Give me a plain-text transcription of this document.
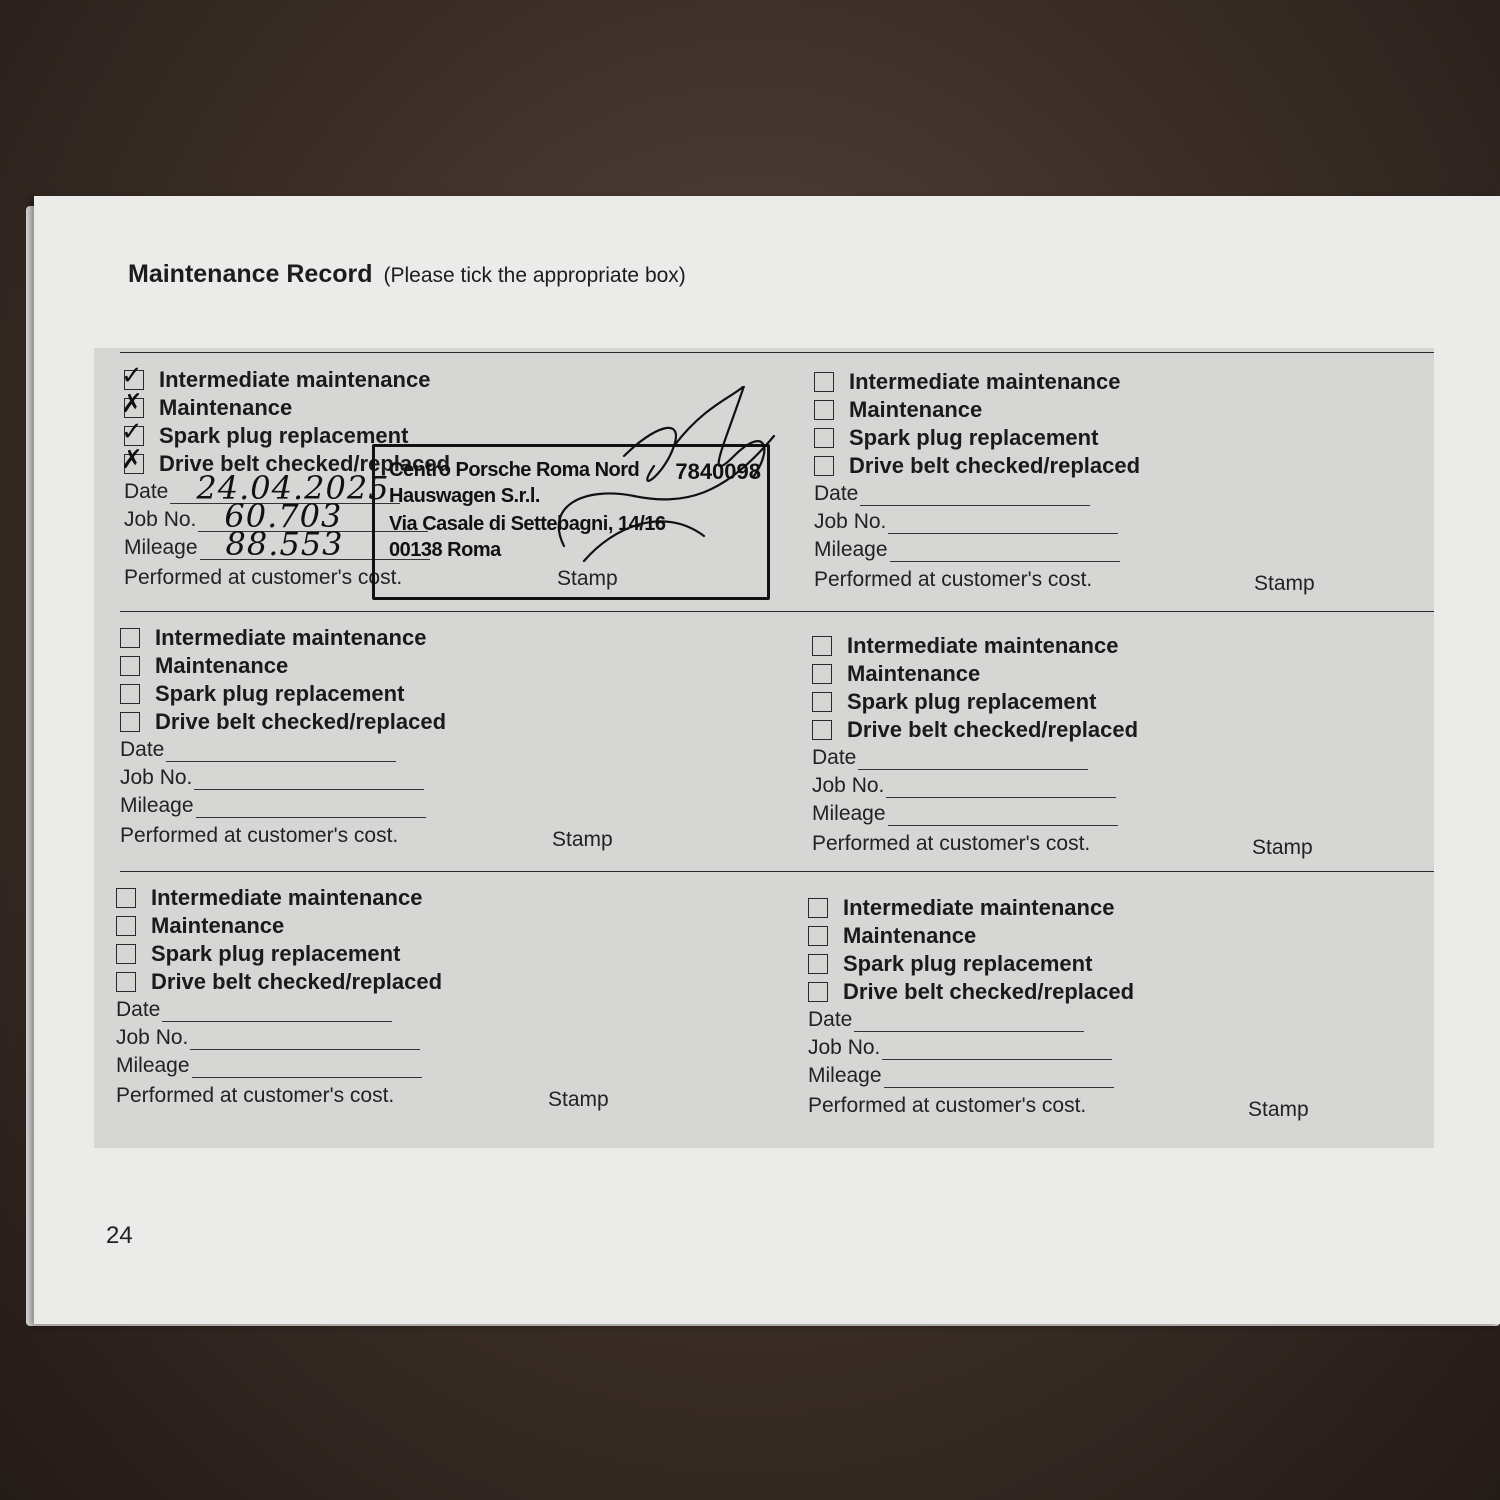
Maintenance Record (Please tick the appropriate box)
✓ Intermediate maintenance
✗ Maintenance
✓ Spark plug replacement
✗ Drive belt checked/replaced
Date 24.04.2025
Job No. 60.703
Mileage 88.553
Performed at customer's cost.
Intermediate maintenance
Maintenance
Spark plug replacement
Drive belt checked/replaced
Date
Job No.
Mileage
Performed at customer's cost.	Stamp
Intermediate maintenance
Maintenance
Spark plug replacement
Drive belt checked/replaced
Date
Job No.
Mileage
Performed at customer's cost.	Stamp
Intermediate maintenance
Maintenance
Spark plug replacement
Drive belt checked/replaced
Date
Job No.
Mileage
Performed at customer's cost.	Stamp
Intermediate maintenance
Maintenance
Spark plug replacement
Drive belt checked/replaced
Date
Job No.
Mileage
Performed at customer's cost.	Stamp
Intermediate maintenance
Maintenance
Spark plug replacement
Drive belt checked/replaced
Date
Job No.
Mileage
Performed at customer's cost.	Stamp
Centro Porsche Roma Nord 7840098
Hauswagen S.r.l.
Via Casale di Settebagni, 14/16
00138 Roma
Stamp
24
